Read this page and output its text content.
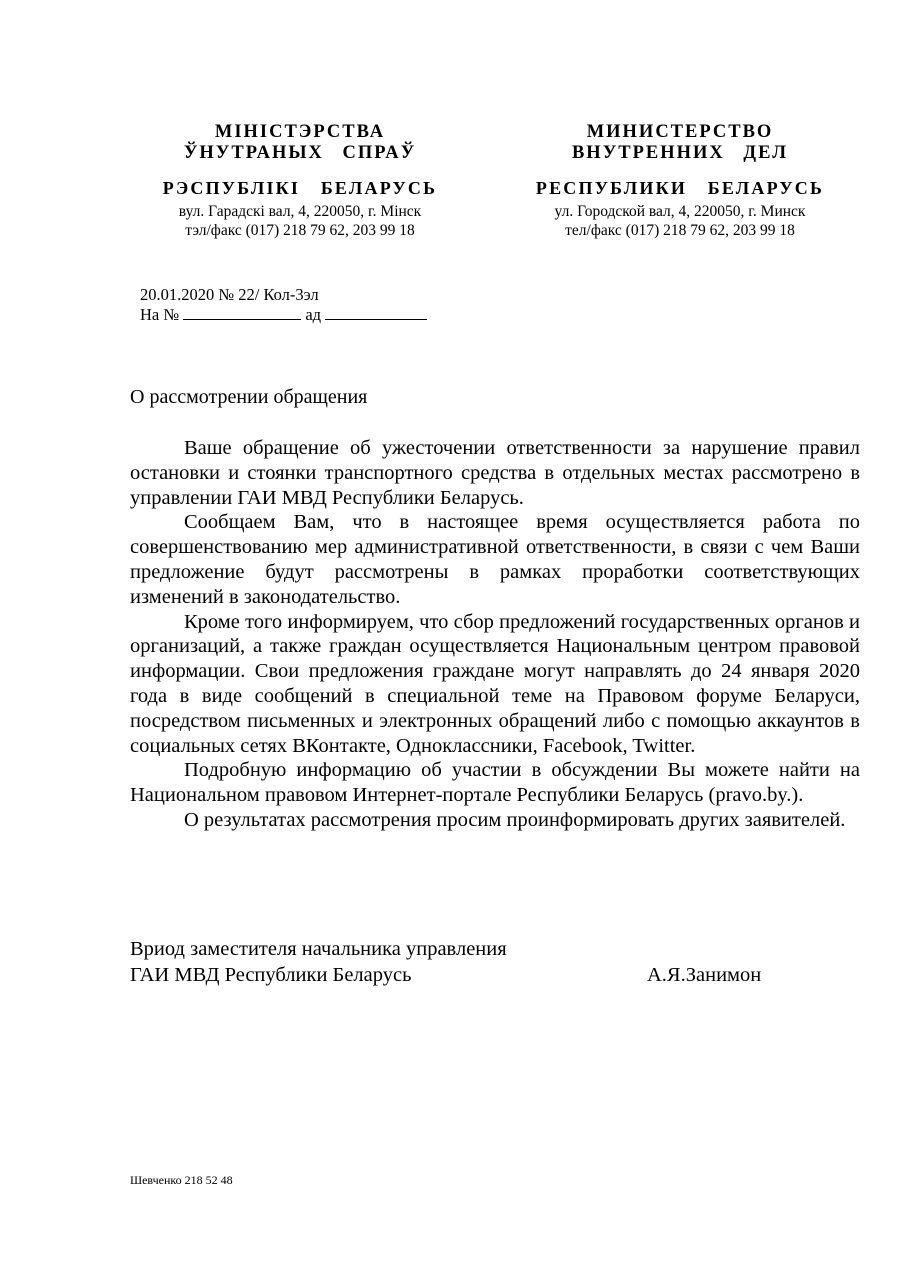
МІНІСТЭРСТВА
ЎНУТРАНЫХ СПРАЎ
РЭСПУБЛІКІ БЕЛАРУСЬ
вул. Гарадскі вал, 4, 220050, г. Мінск
тэл/факс (017) 218 79 62, 203 99 18
МИНИСТЕРСТВО
ВНУТРЕННИХ ДЕЛ
РЕСПУБЛИКИ БЕЛАРУСЬ
ул. Городской вал, 4, 220050, г. Минск
тел/факс (017) 218 79 62, 203 99 18
20.01.2020 № 22/ Кол-3эл
На №	ад
О рассмотрении обращения

Ваше обращение об ужесточении ответственности за нарушение правил остановки и стоянки транспортного средства в отдельных местах рассмотрено в управлении ГАИ МВД Республики Беларусь.

Сообщаем Вам, что в настоящее время осуществляется работа по совершенствованию мер административной ответственности, в связи с чем Ваши предложение будут рассмотрены в рамках проработки соответствующих изменений в законодательство.

Кроме того информируем, что сбор предложений государственных органов и организаций, а также граждан осуществляется Национальным центром правовой информации. Свои предложения граждане могут направлять до 24 января 2020 года в виде сообщений в специальной теме на Правовом форуме Беларуси, посредством письменных и электронных обращений либо с помощью аккаунтов в социальных сетях ВКонтакте, Одноклассники, Facebook, Twitter.

Подробную информацию об участии в обсуждении Вы можете найти на Национальном правовом Интернет-портале Республики Беларусь (pravo.by.).

О результатах рассмотрения просим проинформировать других заявителей.

Вриод заместителя начальника управления
ГАИ МВД Республики Беларусь	А.Я.Занимон
Шевченко 218 52 48
